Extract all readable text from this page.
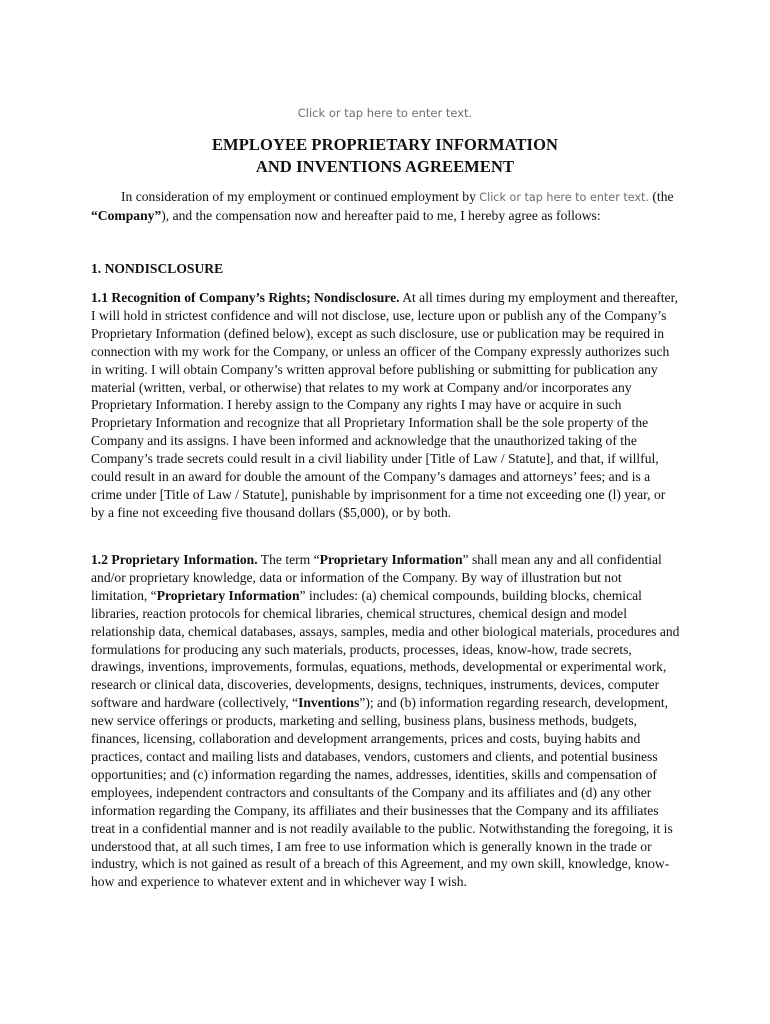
Click or tap here to enter text.
EMPLOYEE PROPRIETARY INFORMATION
AND INVENTIONS AGREEMENT
In consideration of my employment or continued employment by Click or tap here to enter text. (the “Company”), and the compensation now and hereafter paid to me, I hereby agree as follows:
1. NONDISCLOSURE
1.1 Recognition of Company’s Rights; Nondisclosure. At all times during my employment and thereafter, I will hold in strictest confidence and will not disclose, use, lecture upon or publish any of the Company’s Proprietary Information (defined below), except as such disclosure, use or publication may be required in connection with my work for the Company, or unless an officer of the Company expressly authorizes such in writing. I will obtain Company’s written approval before publishing or submitting for publication any material (written, verbal, or otherwise) that relates to my work at Company and/or incorporates any Proprietary Information. I hereby assign to the Company any rights I may have or acquire in such Proprietary Information and recognize that all Proprietary Information shall be the sole property of the Company and its assigns. I have been informed and acknowledge that the unauthorized taking of the Company’s trade secrets could result in a civil liability under [Title of Law / Statute], and that, if willful, could result in an award for double the amount of the Company’s damages and attorneys’ fees; and is a crime under [Title of Law / Statute], punishable by imprisonment for a time not exceeding one (l) year, or by a fine not exceeding five thousand dollars ($5,000), or by both.
1.2 Proprietary Information. The term “Proprietary Information” shall mean any and all confidential and/or proprietary knowledge, data or information of the Company. By way of illustration but not limitation, “Proprietary Information” includes: (a) chemical compounds, building blocks, chemical libraries, reaction protocols for chemical libraries, chemical structures, chemical design and model relationship data, chemical databases, assays, samples, media and other biological materials, procedures and formulations for producing any such materials, products, processes, ideas, know-how, trade secrets, drawings, inventions, improvements, formulas, equations, methods, developmental or experimental work, research or clinical data, discoveries, developments, designs, techniques, instruments, devices, computer software and hardware (collectively, “Inventions”); and (b) information regarding research, development, new service offerings or products, marketing and selling, business plans, business methods, budgets, finances, licensing, collaboration and development arrangements, prices and costs, buying habits and practices, contact and mailing lists and databases, vendors, customers and clients, and potential business opportunities; and (c) information regarding the names, addresses, identities, skills and compensation of employees, independent contractors and consultants of the Company and its affiliates and (d) any other information regarding the Company, its affiliates and their businesses that the Company and its affiliates treat in a confidential manner and is not readily available to the public. Notwithstanding the foregoing, it is understood that, at all such times, I am free to use information which is generally known in the trade or industry, which is not gained as result of a breach of this Agreement, and my own skill, knowledge, know-how and experience to whatever extent and in whichever way I wish.
